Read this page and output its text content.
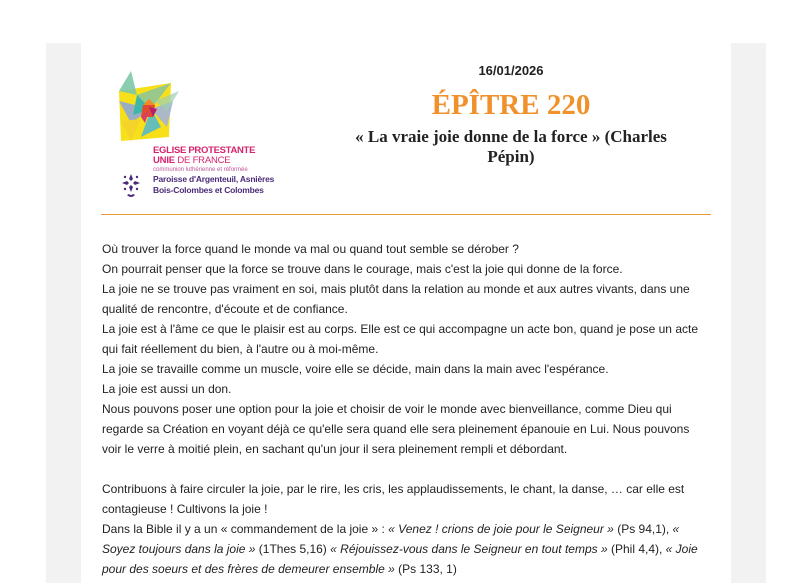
EGLISE PROTESTANTE
UNIE DE FRANCE
communion luthérienne et réformée
Paroisse d'Argenteuil, Asnières
Bois-Colombes et Colombes
16/01/2026
ÉPÎTRE 220
« La vraie joie donne de la force » (Charles Pépin)

Où trouver la force quand le monde va mal ou quand tout semble se dérober ?

On pourrait penser que la force se trouve dans le courage, mais c'est la joie qui donne de la force.

La joie ne se trouve pas vraiment en soi, mais plutôt dans la relation au monde et aux autres vivants, dans une qualité de rencontre, d'écoute et de confiance.

La joie est à l'âme ce que le plaisir est au corps. Elle est ce qui accompagne un acte bon, quand je pose un acte qui fait réellement du bien, à l'autre ou à moi-même.

La joie se travaille comme un muscle, voire elle se décide, main dans la main avec l'espérance.

La joie est aussi un don.

Nous pouvons poser une option pour la joie et choisir de voir le monde avec bienveillance, comme Dieu qui regarde sa Création en voyant déjà ce qu'elle sera quand elle sera pleinement épanouie en Lui. Nous pouvons voir le verre à moitié plein, en sachant qu'un jour il sera pleinement rempli et débordant.

Contribuons à faire circuler la joie, par le rire, les cris, les applaudissements, le chant, la danse, … car elle est contagieuse ! Cultivons la joie !

Dans la Bible il y a un « commandement de la joie » : « Venez ! crions de joie pour le Seigneur » (Ps 94,1), « Soyez toujours dans la joie » (1Thes 5,16) « Réjouissez-vous dans le Seigneur en tout temps » (Phil 4,4), « Joie pour des soeurs et des frères de demeurer ensemble » (Ps 133, 1)
